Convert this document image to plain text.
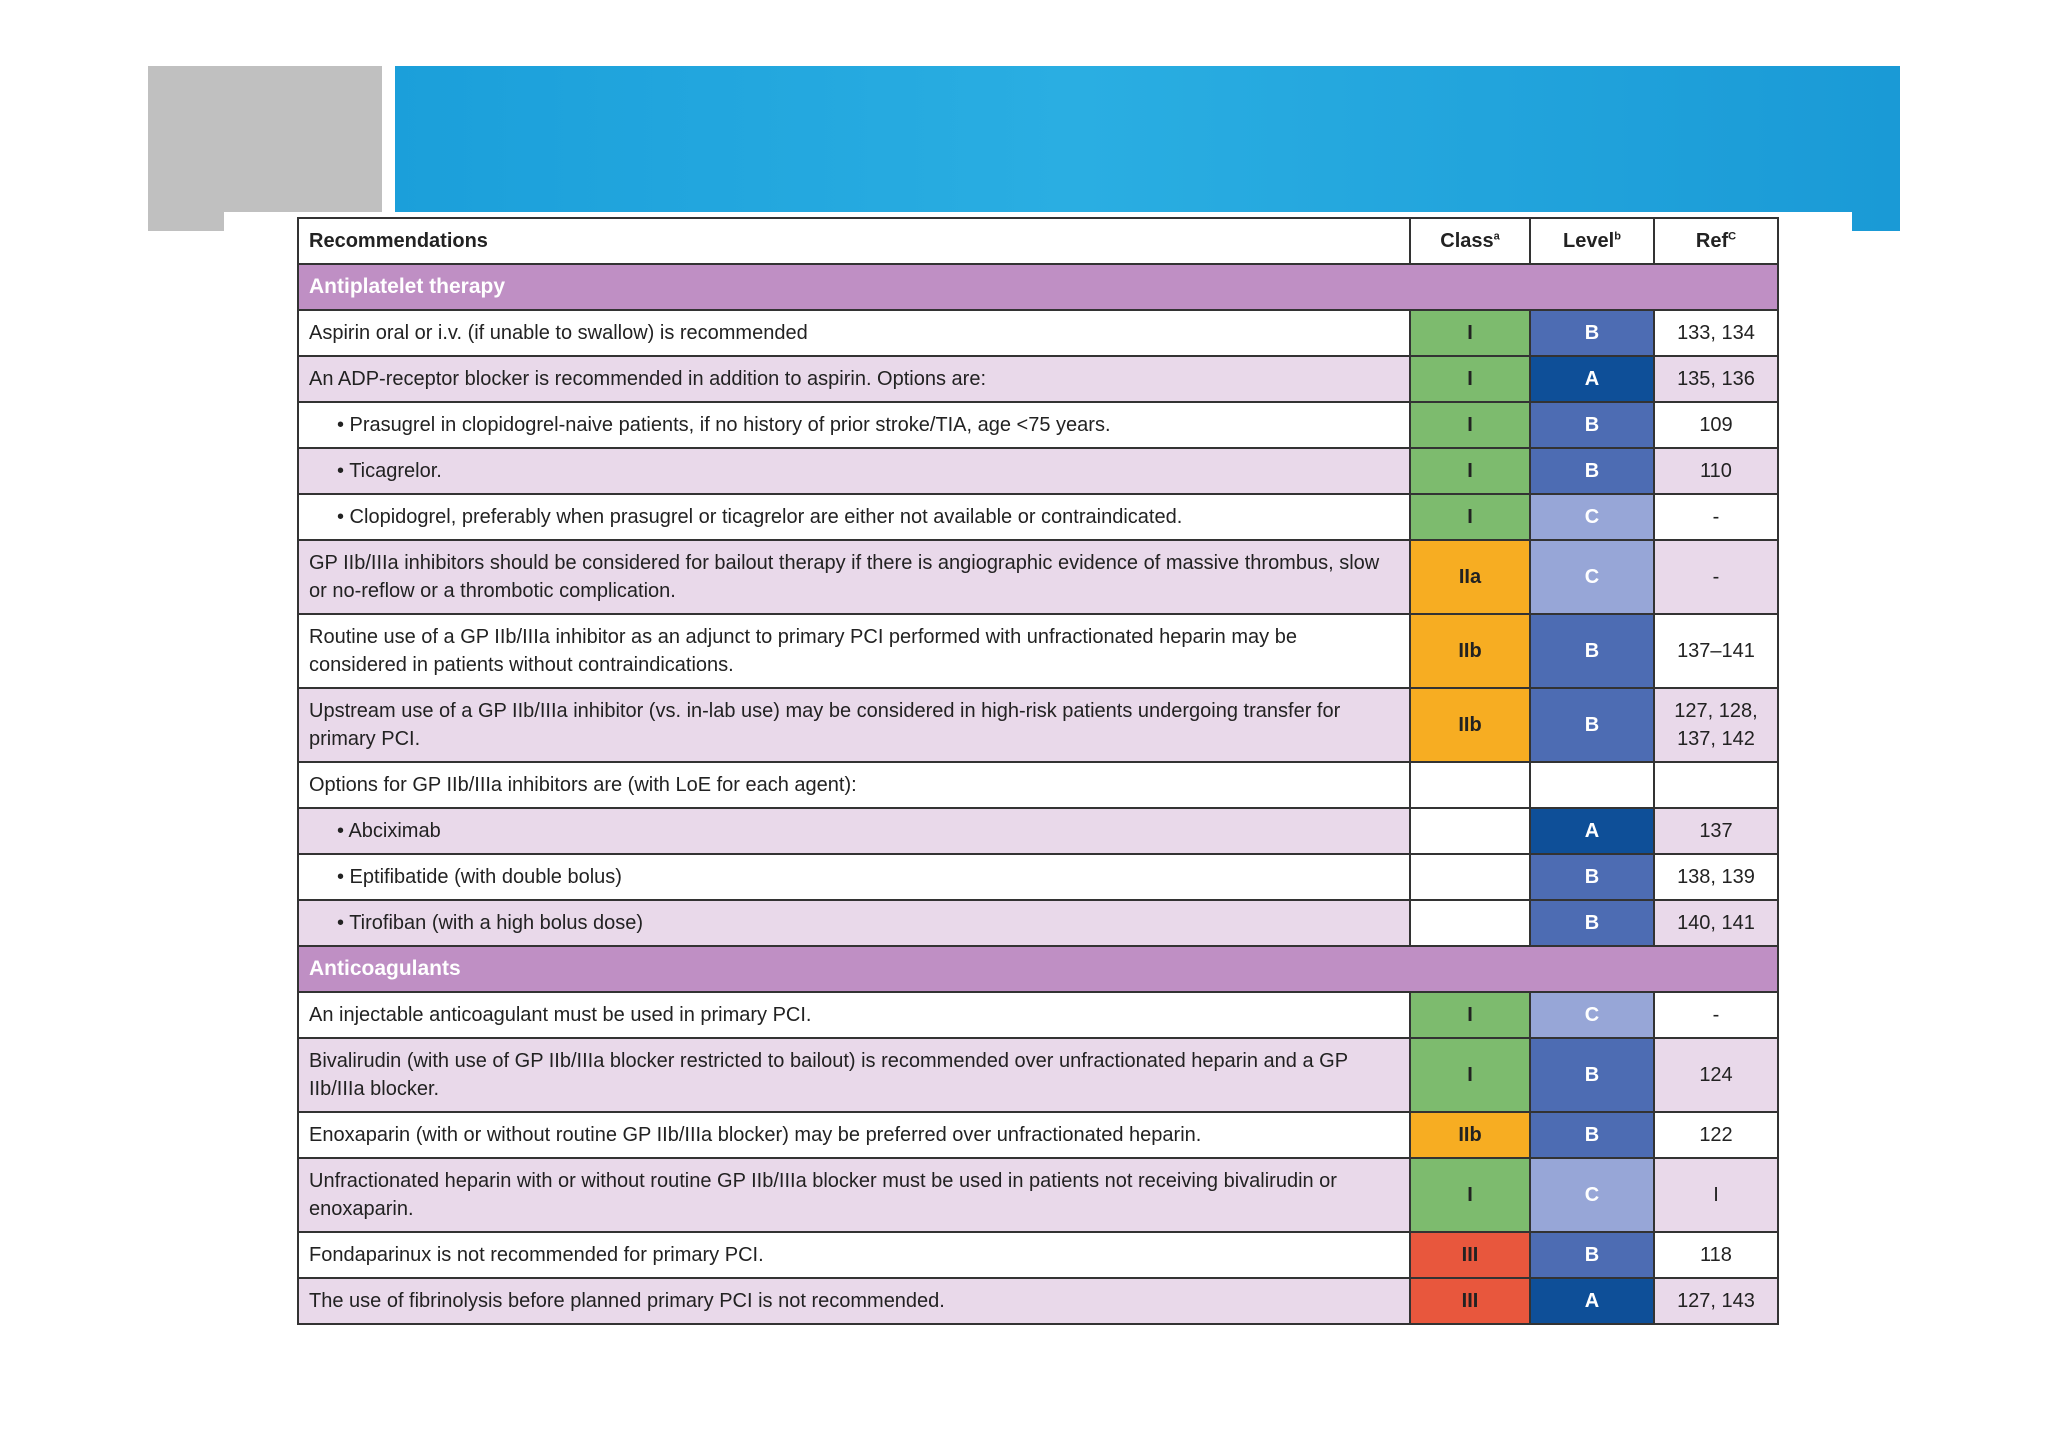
Recommendations	Class$^a$	Level$^b$	Ref$^C$
Antiplatelet therapy			
Aspirin oral or i.v. (if unable to swallow) is recommended	I	B	133, 134
An ADP-receptor blocker is recommended in addition to aspirin. Options are:	I	A	135, 136
• Prasugrel in clopidogrel-naive patients, if no history of prior stroke/TIA, age <75 years.	I	B	109
• Ticagrelor.	I	B	110
• Clopidogrel, preferably when prasugrel or ticagrelor are either not available or contraindicated.	I	C	-
GP IIb/IIIa inhibitors should be considered for bailout therapy if there is angiographic evidence of massive thrombus, slow or no-reflow or a thrombotic complication.	IIa	C	-
Routine use of a GP IIb/IIIa inhibitor as an adjunct to primary PCI performed with unfractionated heparin may be considered in patients without contraindications.	IIb	B	137–141
Upstream use of a GP IIb/IIIa inhibitor (vs. in-lab use) may be considered in high-risk patients undergoing transfer for primary PCI.	IIb	B	127, 128, 137, 142
Options for GP IIb/IIIa inhibitors are (with LoE for each agent):			
• Abciximab		A	137
• Eptifibatide (with double bolus)		B	138, 139
• Tirofiban (with a high bolus dose)		B	140, 141
Anticoagulants			
An injectable anticoagulant must be used in primary PCI.	I	C	-
Bivalirudin (with use of GP IIb/IIIa blocker restricted to bailout) is recommended over unfractionated heparin and a GP IIb/IIIa blocker.	I	B	124
Enoxaparin (with or without routine GP IIb/IIIa blocker) may be preferred over unfractionated heparin.	IIb	B	122
Unfractionated heparin with or without routine GP IIb/IIIa blocker must be used in patients not receiving bivalirudin or enoxaparin.	I	C	I
Fondaparinux is not recommended for primary PCI.	III	B	118
The use of fibrinolysis before planned primary PCI is not recommended.	III	A	127, 143
